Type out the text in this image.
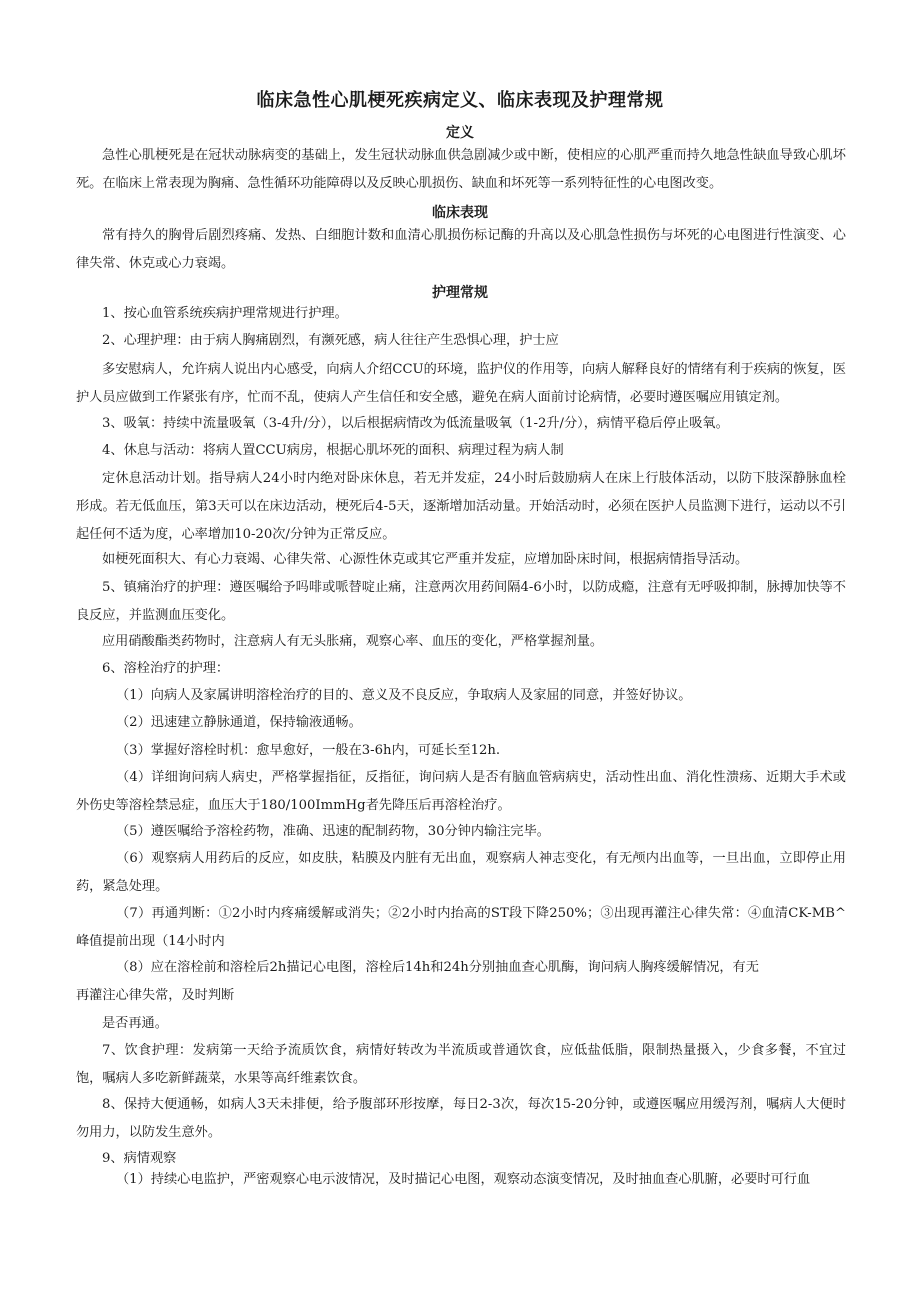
临床急性心肌梗死疾病定义、临床表现及护理常规
定义
急性心肌梗死是在冠状动脉病变的基础上，发生冠状动脉血供急剧减少或中断，使相应的心肌严重而持久地急性缺血导致心肌坏死。在临床上常表现为胸痛、急性循环功能障碍以及反映心肌损伤、缺血和坏死等一系列特征性的心电图改变。
临床表现
常有持久的胸骨后剧烈疼痛、发热、白细胞计数和血清心肌损伤标记酶的升高以及心肌急性损伤与坏死的心电图进行性演变、心律失常、休克或心力衰竭。
护理常规
1、按心血管系统疾病护理常规进行护理。
2、心理护理：由于病人胸痛剧烈，有濒死感，病人往往产生恐惧心理，护士应
多安慰病人，允许病人说出内心感受，向病人介绍CCU的环境，监护仪的作用等，向病人解释良好的情绪有利于疾病的恢复，医护人员应做到工作紧张有序，忙而不乱，使病人产生信任和安全感，避免在病人面前讨论病情，必要时遵医嘱应用镇定剂。
3、吸氧：持续中流量吸氧（3-4升/分），以后根据病情改为低流量吸氧（1-2升/分），病情平稳后停止吸氧。
4、休息与活动：将病人置CCU病房，根据心肌坏死的面积、病理过程为病人制
定休息活动计划。指导病人24小时内绝对卧床休息，若无并发症，24小时后鼓励病人在床上行肢体活动，以防下肢深静脉血栓形成。若无低血压，第3天可以在床边活动，梗死后4-5天，逐渐增加活动量。开始活动时，必须在医护人员监测下进行，运动以不引起任何不适为度，心率增加10-20次/分钟为正常反应。
如梗死面积大、有心力衰竭、心律失常、心源性休克或其它严重并发症，应增加卧床时间，根据病情指导活动。
5、镇痛治疗的护理：遵医嘱给予吗啡或哌替啶止痛，注意两次用药间隔4-6小时，以防成瘾，注意有无呼吸抑制，脉搏加快等不良反应，并监测血压变化。
应用硝酸酯类药物时，注意病人有无头胀痛，观察心率、血压的变化，严格掌握剂量。
6、溶栓治疗的护理：
（1）向病人及家属讲明溶栓治疗的目的、意义及不良反应，争取病人及家屈的同意，并签好协议。
（2）迅速建立静脉通道，保持输液通畅。
（3）掌握好溶栓时机：愈早愈好，一般在3-6h内，可延长至12h.
（4）详细询问病人病史，严格掌握指征，反指征，询问病人是否有脑血管病病史，活动性出血、消化性溃疡、近期大手术或外伤史等溶栓禁忌症，血压大于180/100ImmHg者先降压后再溶栓治疗。
（5）遵医嘱给予溶栓药物，准确、迅速的配制药物，30分钟内输注完毕。
（6）观察病人用药后的反应，如皮肤，粘膜及内脏有无出血，观察病人神志变化，有无颅内出血等，一旦出血，立即停止用药，紧急处理。
（7）再通判断：①2小时内疼痛缓解或消失；②2小时内抬高的ST段下降250%；③出现再灌注心律失常：④血清CK-MB^峰值提前出现（14小时内
（8）应在溶栓前和溶栓后2h描记心电图，溶栓后14h和24h分别抽血查心肌酶，询问病人胸疼缓解情况，有无
再灌注心律失常，及时判断
是否再通。
7、饮食护理：发病第一天给予流质饮食，病情好转改为半流质或普通饮食，应低盐低脂，限制热量摄入，少食多餐，不宜过饱，嘱病人多吃新鲜蔬菜，水果等高纤维素饮食。
8、保持大便通畅，如病人3天未排便，给予腹部环形按摩，每日2-3次，每次15-20分钟，或遵医嘱应用缓泻剂，嘱病人大便时勿用力，以防发生意外。
9、病情观察
（1）持续心电监护，严密观察心电示波情况，及时描记心电图，观察动态演变情况，及时抽血查心肌腑，必要时可行血
